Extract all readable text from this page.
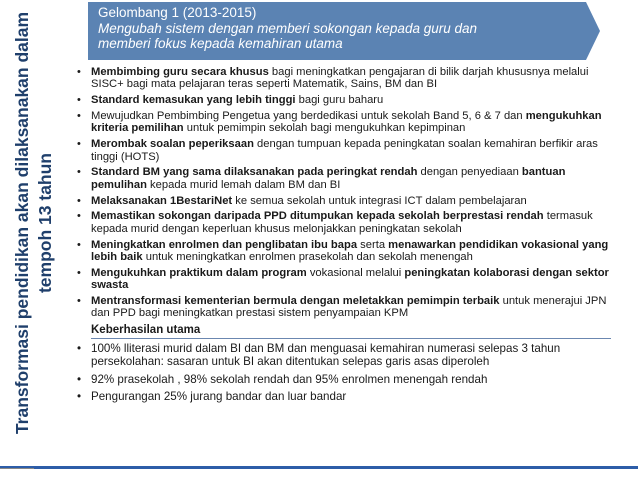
Transformasi pendidikan akan dilaksanakan dalam tempoh 13 tahun
Gelombang 1 (2013-2015)
Mengubah sistem dengan memberi sokongan kepada guru dan
memberi fokus kepada kemahiran utama
• Membimbing guru secara khusus bagi meningkatkan pengajaran di bilik darjah khususnya melalui SISC+ bagi mata pelajaran teras seperti Matematik, Sains, BM dan BI
• Standard kemasukan yang lebih tinggi bagi guru baharu
• Mewujudkan Pembimbing Pengetua yang berdedikasi untuk sekolah Band 5, 6 & 7 dan mengukuhkan kriteria pemilihan untuk pemimpin sekolah bagi mengukuhkan kepimpinan
• Merombak soalan peperiksaan dengan tumpuan kepada peningkatan soalan kemahiran berfikir aras tinggi (HOTS)
• Standard BM yang sama dilaksanakan pada peringkat rendah dengan penyediaan bantuan pemulihan kepada murid lemah dalam BM dan BI
• Melaksanakan 1BestariNet ke semua sekolah untuk integrasi ICT dalam pembelajaran
• Memastikan sokongan daripada PPD ditumpukan kepada sekolah berprestasi rendah termasuk kepada murid dengan keperluan khusus melonjakkan peningkatan sekolah
• Meningkatkan enrolmen dan penglibatan ibu bapa serta menawarkan pendidikan vokasional yang lebih baik untuk meningkatkan enrolmen prasekolah dan sekolah menengah
• Mengukuhkan praktikum dalam program vokasional melalui peningkatan kolaborasi dengan sektor swasta
• Mentransformasi kementerian bermula dengan meletakkan pemimpin terbaik untuk menerajui JPN dan PPD bagi meningkatkan prestasi sistem penyampaian KPM
Keberhasilan utama
• 100% lliterasi murid dalam BI dan BM dan menguasai kemahiran numerasi selepas 3 tahun persekolahan: sasaran untuk BI akan ditentukan selepas garis asas diperoleh
• 92% prasekolah , 98% sekolah rendah dan 95% enrolmen menengah rendah
• Pengurangan 25% jurang bandar dan luar bandar
